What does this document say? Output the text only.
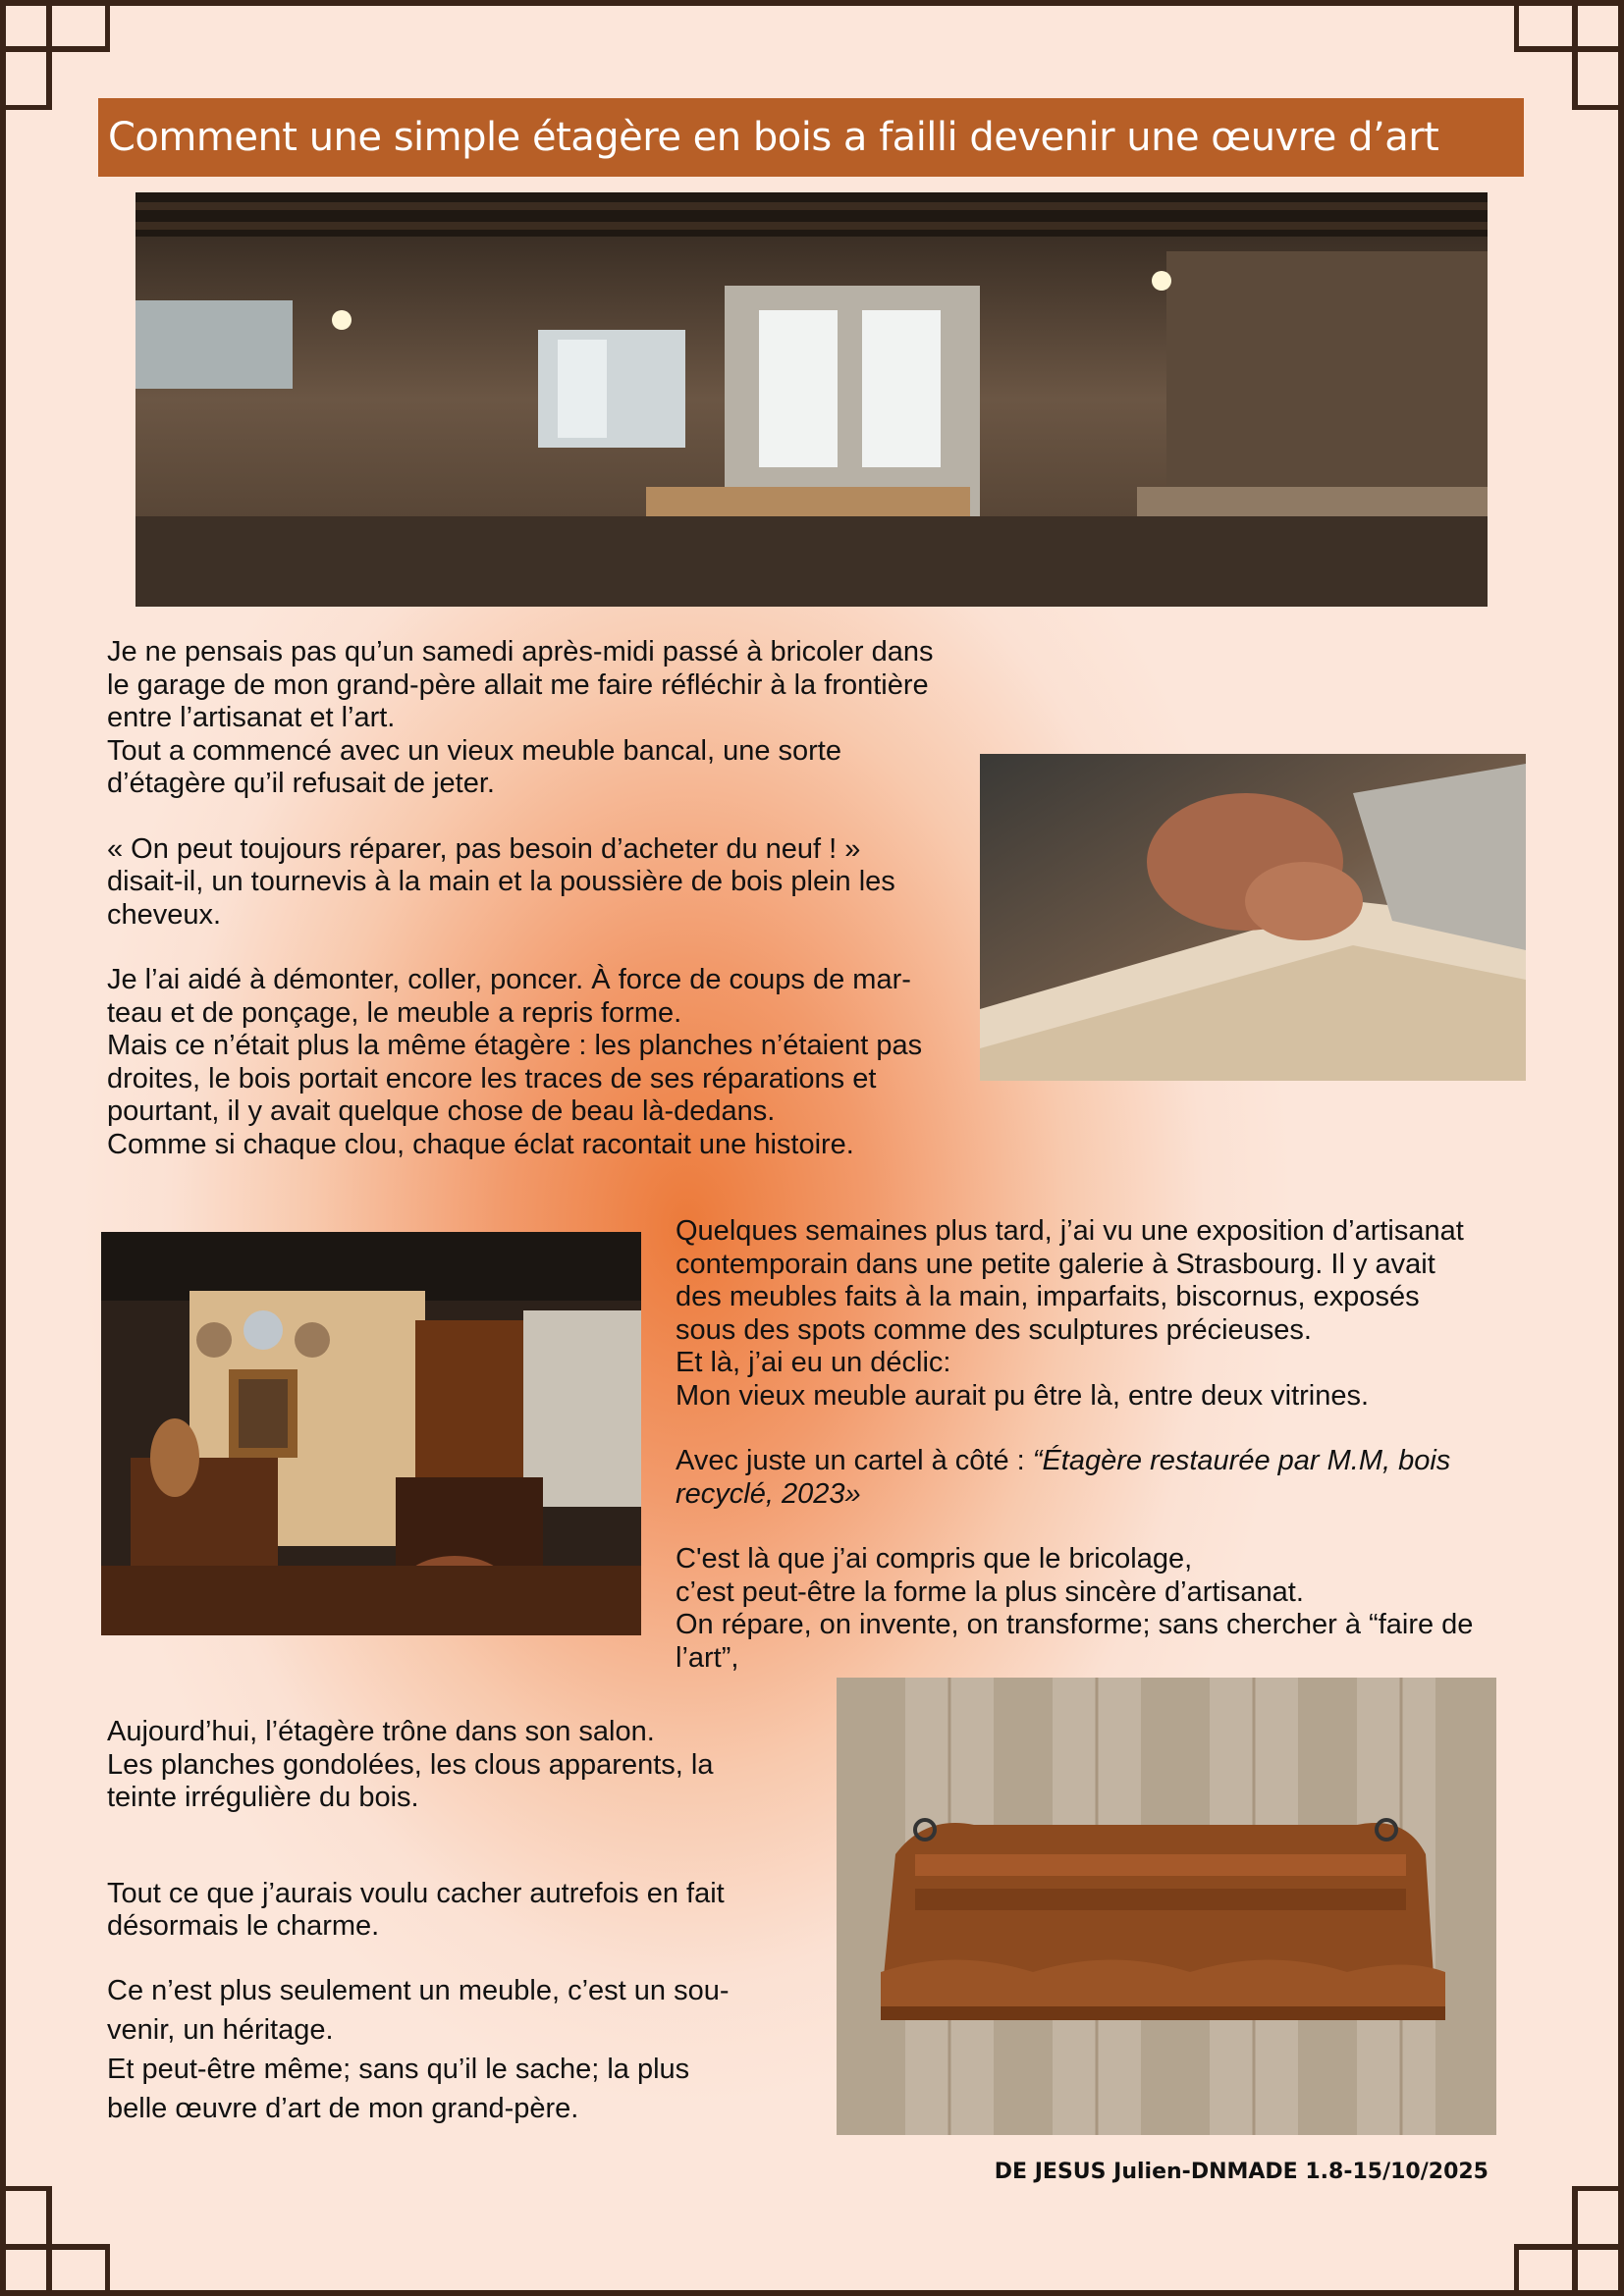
Comment une simple étagère en bois a failli devenir une œuvre d’art

Je ne pensais pas qu’un samedi après-midi passé à bricoler dans

le garage de mon grand-père allait me faire réfléchir à la frontière

entre l’artisanat et l’art.

Tout a commencé avec un vieux meuble bancal, une sorte

d’étagère qu’il refusait de jeter.

« On peut toujours réparer, pas besoin d’acheter du neuf ! »

disait-il, un tournevis à la main et la poussière de bois plein les

cheveux.

Je l’ai aidé à démonter, coller, poncer. À force de coups de mar-

teau et de ponçage, le meuble a repris forme.

Mais ce n’était plus la même étagère : les planches n’étaient pas

droites, le bois portait encore les traces de ses réparations et

pourtant, il y avait quelque chose de beau là-dedans.

Comme si chaque clou, chaque éclat racontait une histoire.

Quelques semaines plus tard, j’ai vu une exposition d’artisanat

contemporain dans une petite galerie à Strasbourg. Il y avait

des meubles faits à la main, imparfaits, biscornus, exposés

sous des spots comme des sculptures précieuses.

Et là, j’ai eu un déclic:

Mon vieux meuble aurait pu être là, entre deux vitrines.

Avec juste un cartel à côté : “Étagère restaurée par M.M, bois

recyclé, 2023»

C'est là que j’ai compris que le bricolage,

c’est peut-être la forme la plus sincère d’artisanat.

On répare, on invente, on transforme; sans chercher à “faire de

l’art”,

Aujourd’hui, l’étagère trône dans son salon.

Les planches gondolées, les clous apparents, la

teinte irrégulière du bois.

Tout ce que j’aurais voulu cacher autrefois en fait

désormais le charme.

Ce n’est plus seulement un meuble, c’est un sou-

venir, un héritage.

Et peut-être même; sans qu’il le sache; la plus

belle œuvre d’art de mon grand-père.

DE JESUS Julien-DNMADE 1.8-15/10/2025
